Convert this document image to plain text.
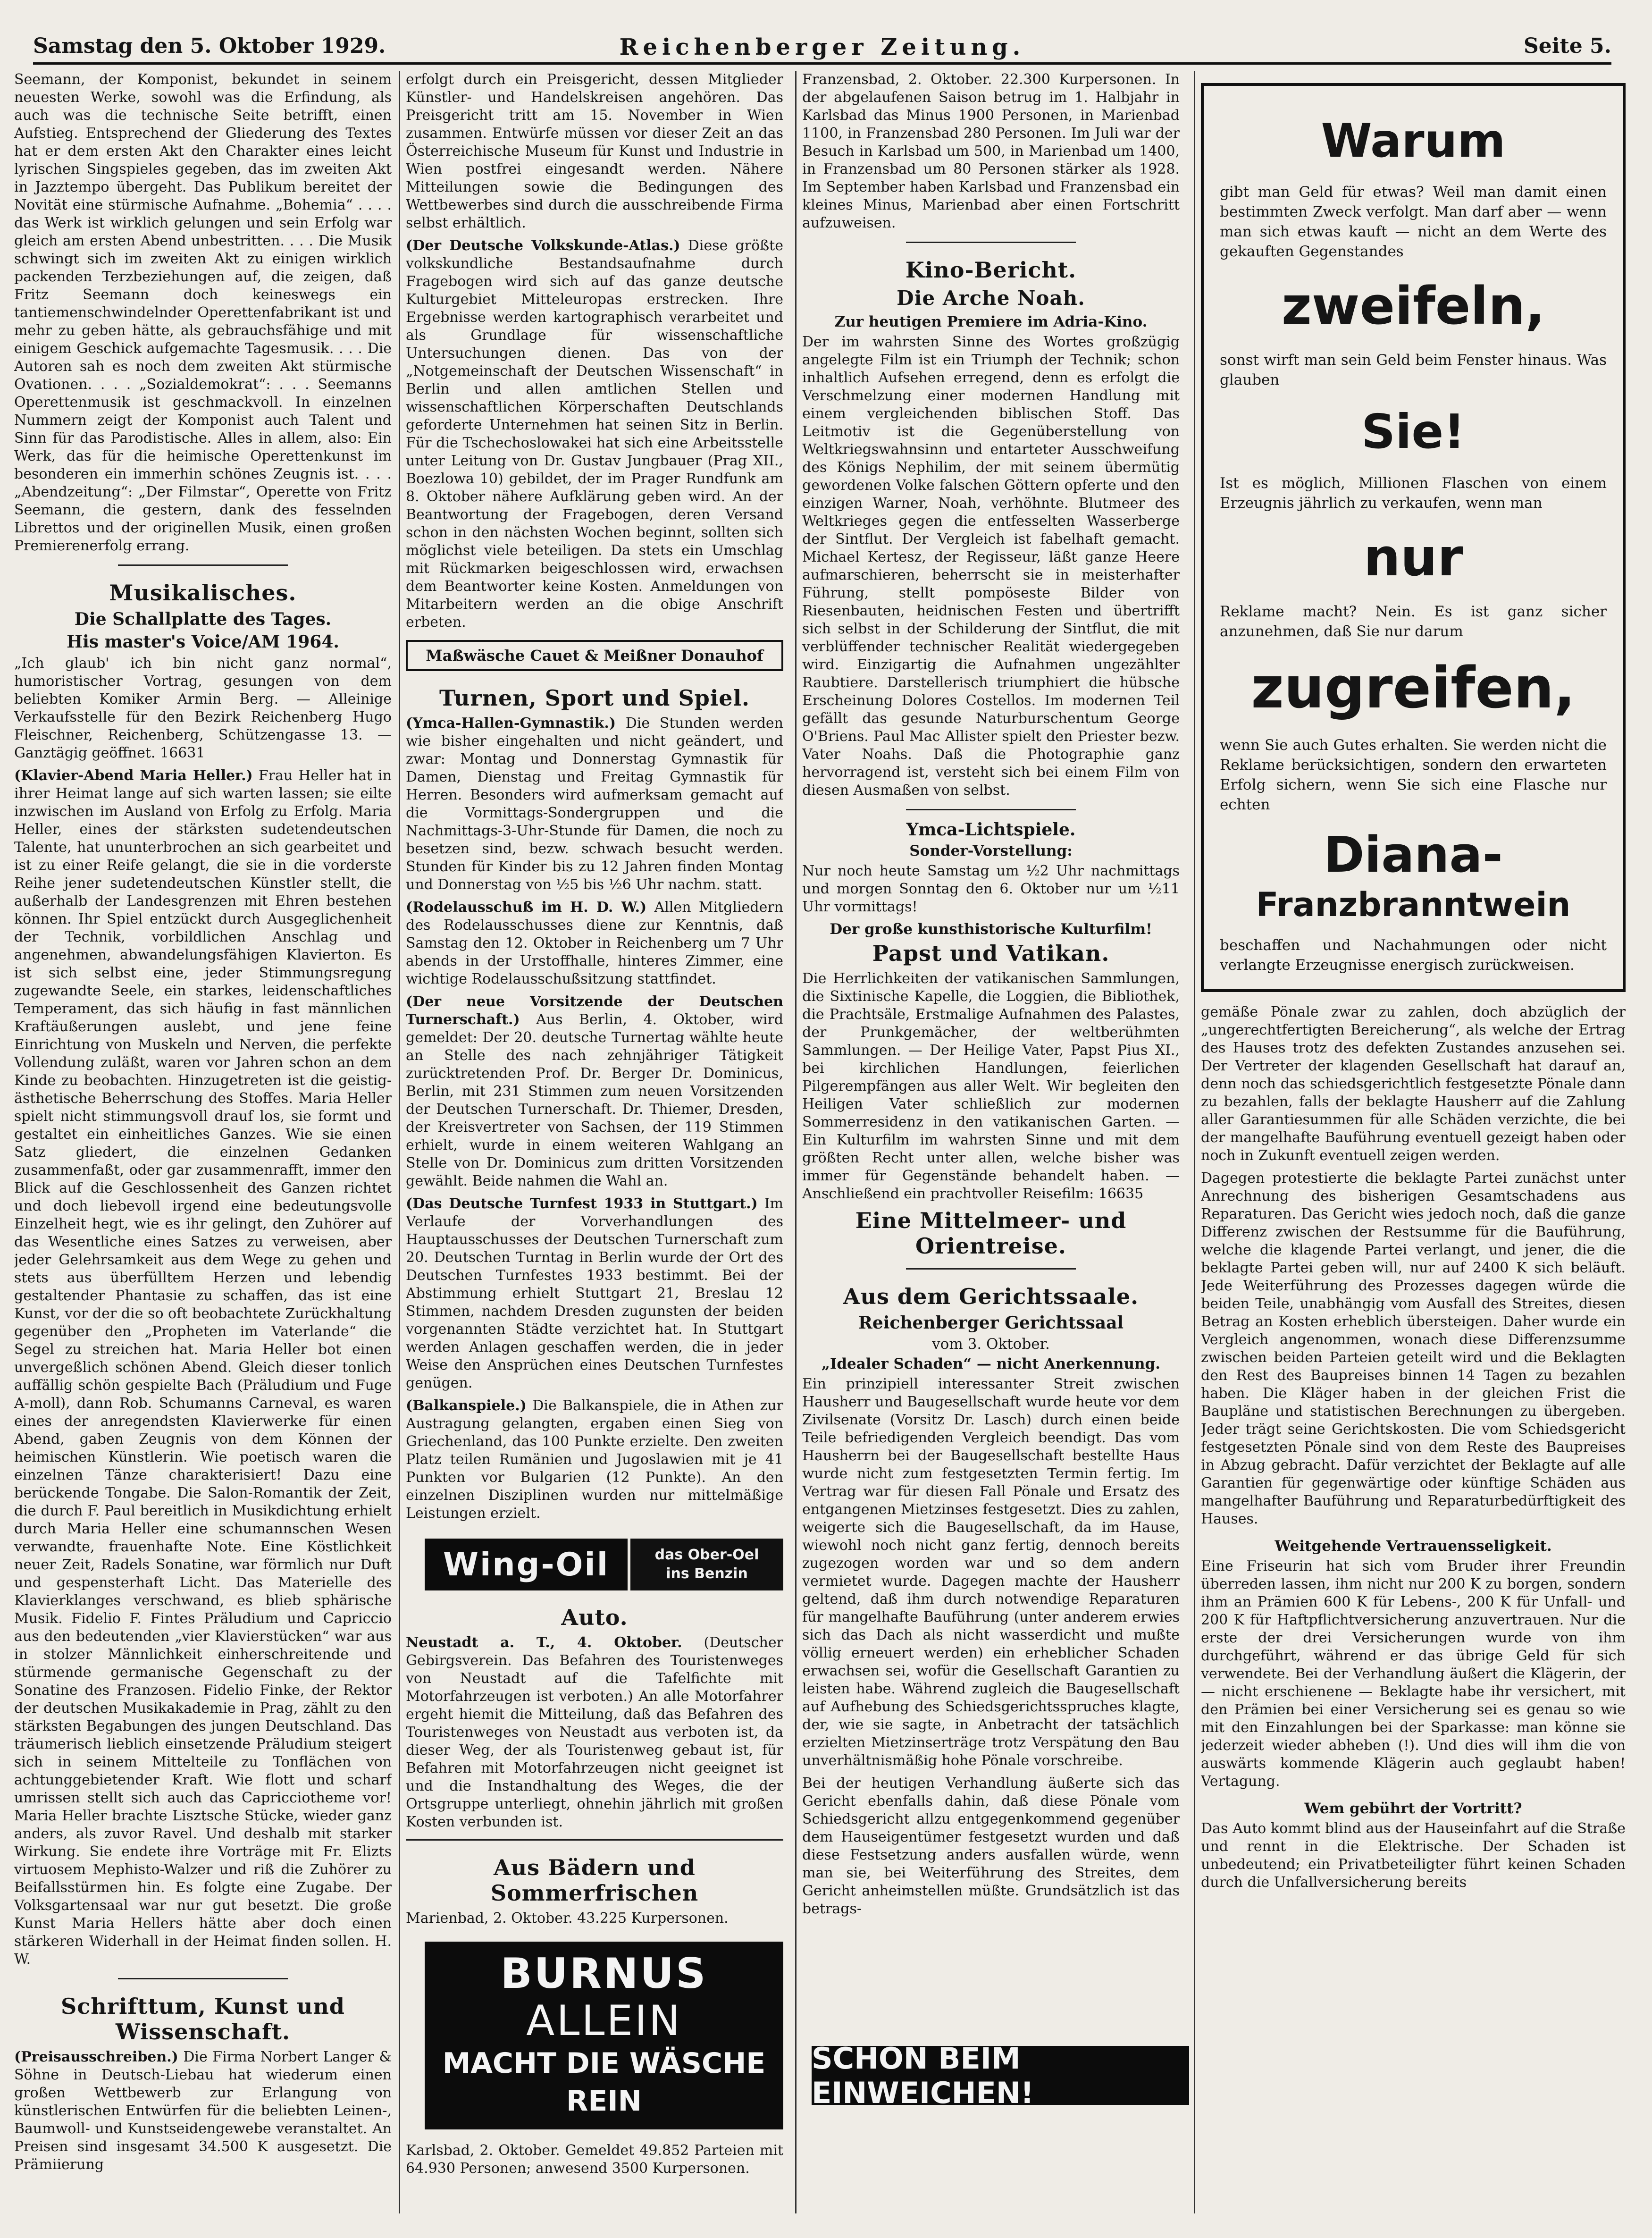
Samstag den 5. Oktober 1929.	Reichenberger Zeitung.	Seite 5.

Seemann, der Komponist, bekundet in seinem neuesten Werke, sowohl was die Erfindung, als auch was die technische Seite betrifft, einen Aufstieg. Entsprechend der Gliederung des Textes hat er dem ersten Akt den Charakter eines leicht lyrischen Singspieles gegeben, das im zweiten Akt in Jazztempo übergeht. Das Publikum bereitet der Novität eine stürmische Aufnahme. „Bohemia“ . . . . das Werk ist wirklich gelungen und sein Erfolg war gleich am ersten Abend unbestritten. . . . Die Musik schwingt sich im zweiten Akt zu einigen wirklich packenden Terzbeziehungen auf, die zeigen, daß Fritz Seemann doch keineswegs ein tantiemenschwindelnder Operettenfabrikant ist und mehr zu geben hätte, als gebrauchsfähige und mit einigem Geschick aufgemachte Tagesmusik. . . . Die Autoren sah es noch dem zweiten Akt stürmische Ovationen. . . . „Sozialdemokrat“: . . . Seemanns Operettenmusik ist geschmackvoll. In einzelnen Nummern zeigt der Komponist auch Talent und Sinn für das Parodistische. Alles in allem, also: Ein Werk, das für die heimische Operettenkunst im besonderen ein immerhin schönes Zeugnis ist. . . . „Abendzeitung“: „Der Filmstar“, Operette von Fritz Seemann, die gestern, dank des fesselnden Librettos und der originellen Musik, einen großen Premierenerfolg errang.

Musikalisches.
Die Schallplatte des Tages.
His master's Voice/AM 1964.

„Ich glaub' ich bin nicht ganz normal“, humoristischer Vortrag, gesungen von dem beliebten Komiker Armin Berg. — Alleinige Verkaufsstelle für den Bezirk Reichenberg Hugo Fleischner, Reichenberg, Schützengasse 13. — Ganztägig geöffnet. 16631

(Klavier-Abend Maria Heller.) Frau Heller hat in ihrer Heimat lange auf sich warten lassen; sie eilte inzwischen im Ausland von Erfolg zu Erfolg. Maria Heller, eines der stärksten sudetendeutschen Talente, hat ununterbrochen an sich gearbeitet und ist zu einer Reife gelangt, die sie in die vorderste Reihe jener sudetendeutschen Künstler stellt, die außerhalb der Landesgrenzen mit Ehren bestehen können. Ihr Spiel entzückt durch Ausgeglichenheit der Technik, vorbildlichen Anschlag und angenehmen, abwandelungsfähigen Klavierton. Es ist sich selbst eine, jeder Stimmungsregung zugewandte Seele, ein starkes, leidenschaftliches Temperament, das sich häufig in fast männlichen Kraftäußerungen auslebt, und jene feine Einrichtung von Muskeln und Nerven, die perfekte Vollendung zuläßt, waren vor Jahren schon an dem Kinde zu beobachten. Hinzugetreten ist die geistig-ästhetische Beherrschung des Stoffes. Maria Heller spielt nicht stimmungsvoll drauf los, sie formt und gestaltet ein einheitliches Ganzes. Wie sie einen Satz gliedert, die einzelnen Gedanken zusammenfaßt, oder gar zusammenrafft, immer den Blick auf die Geschlossenheit des Ganzen richtet und doch liebevoll irgend eine bedeutungsvolle Einzelheit hegt, wie es ihr gelingt, den Zuhörer auf das Wesentliche eines Satzes zu verweisen, aber jeder Gelehrsamkeit aus dem Wege zu gehen und stets aus überfülltem Herzen und lebendig gestaltender Phantasie zu schaffen, das ist eine Kunst, vor der die so oft beobachtete Zurückhaltung gegenüber den „Propheten im Vaterlande“ die Segel zu streichen hat. Maria Heller bot einen unvergeßlich schönen Abend. Gleich dieser tonlich auffällig schön gespielte Bach (Präludium und Fuge A-moll), dann Rob. Schumanns Carneval, es waren eines der anregendsten Klavierwerke für einen Abend, gaben Zeugnis von dem Können der heimischen Künstlerin. Wie poetisch waren die einzelnen Tänze charakterisiert! Dazu eine berückende Tongabe. Die Salon-Romantik der Zeit, die durch F. Paul bereitlich in Musikdichtung erhielt durch Maria Heller eine schumannschen Wesen verwandte, frauenhafte Note. Eine Köstlichkeit neuer Zeit, Radels Sonatine, war förmlich nur Duft und gespensterhaft Licht. Das Materielle des Klavierklanges verschwand, es blieb sphärische Musik. Fidelio F. Fintes Präludium und Capriccio aus den bedeutenden „vier Klavierstücken“ war aus in stolzer Männlichkeit einherschreitende und stürmende germanische Gegenschaft zu der Sonatine des Franzosen. Fidelio Finke, der Rektor der deutschen Musikakademie in Prag, zählt zu den stärksten Begabungen des jungen Deutschland. Das träumerisch lieblich einsetzende Präludium steigert sich in seinem Mittelteile zu Tonflächen von achtunggebietender Kraft. Wie flott und scharf umrissen stellt sich auch das Capricciotheme vor! Maria Heller brachte Lisztsche Stücke, wieder ganz anders, als zuvor Ravel. Und deshalb mit starker Wirkung. Sie endete ihre Vorträge mit Fr. Elizts virtuosem Mephisto-Walzer und riß die Zuhörer zu Beifallsstürmen hin. Es folgte eine Zugabe. Der Volksgartensaal war nur gut besetzt. Die große Kunst Maria Hellers hätte aber doch einen stärkeren Widerhall in der Heimat finden sollen. H. W.

Schrifttum, Kunst und Wissenschaft.

(Preisausschreiben.) Die Firma Norbert Langer & Söhne in Deutsch-Liebau hat wiederum einen großen Wettbewerb zur Erlangung von künstlerischen Entwürfen für die beliebten Leinen-, Baumwoll- und Kunstseidengewebe veranstaltet. An Preisen sind insgesamt 34.500 K ausgesetzt. Die Prämiierung

erfolgt durch ein Preisgericht, dessen Mitglieder Künstler- und Handelskreisen angehören. Das Preisgericht tritt am 15. November in Wien zusammen. Entwürfe müssen vor dieser Zeit an das Österreichische Museum für Kunst und Industrie in Wien postfrei eingesandt werden. Nähere Mitteilungen sowie die Bedingungen des Wettbewerbes sind durch die ausschreibende Firma selbst erhältlich.

(Der Deutsche Volkskunde-Atlas.) Diese größte volkskundliche Bestandsaufnahme durch Fragebogen wird sich auf das ganze deutsche Kulturgebiet Mitteleuropas erstrecken. Ihre Ergebnisse werden kartographisch verarbeitet und als Grundlage für wissenschaftliche Untersuchungen dienen. Das von der „Notgemeinschaft der Deutschen Wissenschaft“ in Berlin und allen amtlichen Stellen und wissenschaftlichen Körperschaften Deutschlands geforderte Unternehmen hat seinen Sitz in Berlin. Für die Tschechoslowakei hat sich eine Arbeitsstelle unter Leitung von Dr. Gustav Jungbauer (Prag XII., Boezlowa 10) gebildet, der im Prager Rundfunk am 8. Oktober nähere Aufklärung geben wird. An der Beantwortung der Fragebogen, deren Versand schon in den nächsten Wochen beginnt, sollten sich möglichst viele beteiligen. Da stets ein Umschlag mit Rückmarken beigeschlossen wird, erwachsen dem Beantworter keine Kosten. Anmeldungen von Mitarbeitern werden an die obige Anschrift erbeten.

Maßwäsche Cauet & Meißner Donauhof
Turnen, Sport und Spiel.

(Ymca-Hallen-Gymnastik.) Die Stunden werden wie bisher eingehalten und nicht geändert, und zwar: Montag und Donnerstag Gymnastik für Damen, Dienstag und Freitag Gymnastik für Herren. Besonders wird aufmerksam gemacht auf die Vormittags-Sondergruppen und die Nachmittags-3-Uhr-Stunde für Damen, die noch zu besetzen sind, bezw. schwach besucht werden. Stunden für Kinder bis zu 12 Jahren finden Montag und Donnerstag von ½5 bis ½6 Uhr nachm. statt.

(Rodelausschuß im H. D. W.) Allen Mitgliedern des Rodelausschusses diene zur Kenntnis, daß Samstag den 12. Oktober in Reichenberg um 7 Uhr abends in der Urstoffhalle, hinteres Zimmer, eine wichtige Rodelausschußsitzung stattfindet.

(Der neue Vorsitzende der Deutschen Turnerschaft.) Aus Berlin, 4. Oktober, wird gemeldet: Der 20. deutsche Turnertag wählte heute an Stelle des nach zehnjähriger Tätigkeit zurücktretenden Prof. Dr. Berger Dr. Dominicus, Berlin, mit 231 Stimmen zum neuen Vorsitzenden der Deutschen Turnerschaft. Dr. Thiemer, Dresden, der Kreisvertreter von Sachsen, der 119 Stimmen erhielt, wurde in einem weiteren Wahlgang an Stelle von Dr. Dominicus zum dritten Vorsitzenden gewählt. Beide nahmen die Wahl an.

(Das Deutsche Turnfest 1933 in Stuttgart.) Im Verlaufe der Vorverhandlungen des Hauptausschusses der Deutschen Turnerschaft zum 20. Deutschen Turntag in Berlin wurde der Ort des Deutschen Turnfestes 1933 bestimmt. Bei der Abstimmung erhielt Stuttgart 21, Breslau 12 Stimmen, nachdem Dresden zugunsten der beiden vorgenannten Städte verzichtet hat. In Stuttgart werden Anlagen geschaffen werden, die in jeder Weise den Ansprüchen eines Deutschen Turnfestes genügen.

(Balkanspiele.) Die Balkanspiele, die in Athen zur Austragung gelangten, ergaben einen Sieg von Griechenland, das 100 Punkte erzielte. Den zweiten Platz teilen Rumänien und Jugoslawien mit je 41 Punkten vor Bulgarien (12 Punkte). An den einzelnen Disziplinen wurden nur mittelmäßige Leistungen erzielt.

Wing-Oil	das Ober-Oel
ins Benzin
Auto.

Neustadt a. T., 4. Oktober. (Deutscher Gebirgsverein. Das Befahren des Touristenweges von Neustadt auf die Tafelfichte mit Motorfahrzeugen ist verboten.) An alle Motorfahrer ergeht hiemit die Mitteilung, daß das Befahren des Touristenweges von Neustadt aus verboten ist, da dieser Weg, der als Touristenweg gebaut ist, für Befahren mit Motorfahrzeugen nicht geeignet ist und die Instandhaltung des Weges, die der Ortsgruppe unterliegt, ohnehin jährlich mit großen Kosten verbunden ist.

Aus Bädern und Sommerfrischen

Marienbad, 2. Oktober. 43.225 Kurpersonen.

BURNUS ALLEIN
MACHT DIE WÄSCHE REIN

Karlsbad, 2. Oktober. Gemeldet 49.852 Parteien mit 64.930 Personen; anwesend 3500 Kurpersonen.

Franzensbad, 2. Oktober. 22.300 Kurpersonen. In der abgelaufenen Saison betrug im 1. Halbjahr in Karlsbad das Minus 1900 Personen, in Marienbad 1100, in Franzensbad 280 Personen. Im Juli war der Besuch in Karlsbad um 500, in Marienbad um 1400, in Franzensbad um 80 Personen stärker als 1928. Im September haben Karlsbad und Franzensbad ein kleines Minus, Marienbad aber einen Fortschritt aufzuweisen.

Kino-Bericht.
Die Arche Noah.
Zur heutigen Premiere im Adria-Kino.

Der im wahrsten Sinne des Wortes großzügig angelegte Film ist ein Triumph der Technik; schon inhaltlich Aufsehen erregend, denn es erfolgt die Verschmelzung einer modernen Handlung mit einem vergleichenden biblischen Stoff. Das Leitmotiv ist die Gegenüberstellung von Weltkriegswahnsinn und entarteter Ausschweifung des Königs Nephilim, der mit seinem übermütig gewordenen Volke falschen Göttern opferte und den einzigen Warner, Noah, verhöhnte. Blutmeer des Weltkrieges gegen die entfesselten Wasserberge der Sintflut. Der Vergleich ist fabelhaft gemacht. Michael Kertesz, der Regisseur, läßt ganze Heere aufmarschieren, beherrscht sie in meisterhafter Führung, stellt pompöseste Bilder von Riesenbauten, heidnischen Festen und übertrifft sich selbst in der Schilderung der Sintflut, die mit verblüffender technischer Realität wiedergegeben wird. Einzigartig die Aufnahmen ungezählter Raubtiere. Darstellerisch triumphiert die hübsche Erscheinung Dolores Costellos. Im modernen Teil gefällt das gesunde Naturburschentum George O'Briens. Paul Mac Allister spielt den Priester bezw. Vater Noahs. Daß die Photographie ganz hervorragend ist, versteht sich bei einem Film von diesen Ausmaßen von selbst.

Ymca-Lichtspiele.
Sonder-Vorstellung:

Nur noch heute Samstag um ½2 Uhr nachmittags und morgen Sonntag den 6. Oktober nur um ½11 Uhr vormittags!

Der große kunsthistorische Kulturfilm!
Papst und Vatikan.

Die Herrlichkeiten der vatikanischen Sammlungen, die Sixtinische Kapelle, die Loggien, die Bibliothek, die Prachtsäle, Erstmalige Aufnahmen des Palastes, der Prunkgemächer, der weltberühmten Sammlungen. — Der Heilige Vater, Papst Pius XI., bei kirchlichen Handlungen, feierlichen Pilgerempfängen aus aller Welt. Wir begleiten den Heiligen Vater schließlich zur modernen Sommerresidenz in den vatikanischen Garten. — Ein Kulturfilm im wahrsten Sinne und mit dem größten Recht unter allen, welche bisher was immer für Gegenstände behandelt haben. — Anschließend ein prachtvoller Reisefilm: 16635

Eine Mittelmeer- und Orientreise.
Aus dem Gerichtssaale.
Reichenberger Gerichtssaal
vom 3. Oktober.
„Idealer Schaden“ — nicht Anerkennung.

Ein prinzipiell interessanter Streit zwischen Hausherr und Baugesellschaft wurde heute vor dem Zivilsenate (Vorsitz Dr. Lasch) durch einen beide Teile befriedigenden Vergleich beendigt. Das vom Hausherrn bei der Baugesellschaft bestellte Haus wurde nicht zum festgesetzten Termin fertig. Im Vertrag war für diesen Fall Pönale und Ersatz des entgangenen Mietzinses festgesetzt. Dies zu zahlen, weigerte sich die Baugesellschaft, da im Hause, wiewohl noch nicht ganz fertig, dennoch bereits zugezogen worden war und so dem andern vermietet wurde. Dagegen machte der Hausherr geltend, daß ihm durch notwendige Reparaturen für mangelhafte Bauführung (unter anderem erwies sich das Dach als nicht wasserdicht und mußte völlig erneuert werden) ein erheblicher Schaden erwachsen sei, wofür die Gesellschaft Garantien zu leisten habe. Während zugleich die Baugesellschaft auf Aufhebung des Schiedsgerichtsspruches klagte, der, wie sie sagte, in Anbetracht der tatsächlich erzielten Mietzinserträge trotz Verspätung den Bau unverhältnismäßig hohe Pönale vorschreibe.

Bei der heutigen Verhandlung äußerte sich das Gericht ebenfalls dahin, daß diese Pönale vom Schiedsgericht allzu entgegenkommend gegenüber dem Hauseigentümer festgesetzt wurden und daß diese Festsetzung anders ausfallen würde, wenn man sie, bei Weiterführung des Streites, dem Gericht anheimstellen müßte. Grundsätzlich ist das betrags-

SCHON BEIM EINWEICHEN!
Warum

gibt man Geld für etwas? Weil man damit einen bestimmten Zweck verfolgt. Man darf aber — wenn man sich etwas kauft — nicht an dem Werte des gekauften Gegenstandes

zweifeln,

sonst wirft man sein Geld beim Fenster hinaus. Was glauben

Sie!

Ist es möglich, Millionen Flaschen von einem Erzeugnis jährlich zu verkaufen, wenn man

nur

Reklame macht? Nein. Es ist ganz sicher anzunehmen, daß Sie nur darum

zugreifen,

wenn Sie auch Gutes erhalten. Sie werden nicht die Reklame berücksichtigen, sondern den erwarteten Erfolg sichern, wenn Sie sich eine Flasche nur echten

Diana-
Franzbranntwein

beschaffen und Nachahmungen oder nicht verlangte Erzeugnisse energisch zurückweisen.

gemäße Pönale zwar zu zahlen, doch abzüglich der „ungerechtfertigten Bereicherung“, als welche der Ertrag des Hauses trotz des defekten Zustandes anzusehen sei. Der Vertreter der klagenden Gesellschaft hat darauf an, denn noch das schiedsgerichtlich festgesetzte Pönale dann zu bezahlen, falls der beklagte Hausherr auf die Zahlung aller Garantiesummen für alle Schäden verzichte, die bei der mangelhafte Bauführung eventuell gezeigt haben oder noch in Zukunft eventuell zeigen werden.

Dagegen protestierte die beklagte Partei zunächst unter Anrechnung des bisherigen Gesamtschadens aus Reparaturen. Das Gericht wies jedoch noch, daß die ganze Differenz zwischen der Restsumme für die Bauführung, welche die klagende Partei verlangt, und jener, die die beklagte Partei geben will, nur auf 2400 K sich beläuft. Jede Weiterführung des Prozesses dagegen würde die beiden Teile, unabhängig vom Ausfall des Streites, diesen Betrag an Kosten erheblich übersteigen. Daher wurde ein Vergleich angenommen, wonach diese Differenzsumme zwischen beiden Parteien geteilt wird und die Beklagten den Rest des Baupreises binnen 14 Tagen zu bezahlen haben. Die Kläger haben in der gleichen Frist die Baupläne und statistischen Berechnungen zu übergeben. Jeder trägt seine Gerichtskosten. Die vom Schiedsgericht festgesetzten Pönale sind von dem Reste des Baupreises in Abzug gebracht. Dafür verzichtet der Beklagte auf alle Garantien für gegenwärtige oder künftige Schäden aus mangelhafter Bauführung und Reparaturbedürftigkeit des Hauses.

Weitgehende Vertrauensseligkeit.

Eine Friseurin hat sich vom Bruder ihrer Freundin überreden lassen, ihm nicht nur 200 K zu borgen, sondern ihm an Prämien 600 K für Lebens-, 200 K für Unfall- und 200 K für Haftpflichtversicherung anzuvertrauen. Nur die erste der drei Versicherungen wurde von ihm durchgeführt, während er das übrige Geld für sich verwendete. Bei der Verhandlung äußert die Klägerin, der — nicht erschienene — Beklagte habe ihr versichert, mit den Prämien bei einer Versicherung sei es genau so wie mit den Einzahlungen bei der Sparkasse: man könne sie jederzeit wieder abheben (!). Und dies will ihm die von auswärts kommende Klägerin auch geglaubt haben! Vertagung.

Wem gebührt der Vortritt?

Das Auto kommt blind aus der Hauseinfahrt auf die Straße und rennt in die Elektrische. Der Schaden ist unbedeutend; ein Privatbeteiligter führt keinen Schaden durch die Unfallversicherung bereits
